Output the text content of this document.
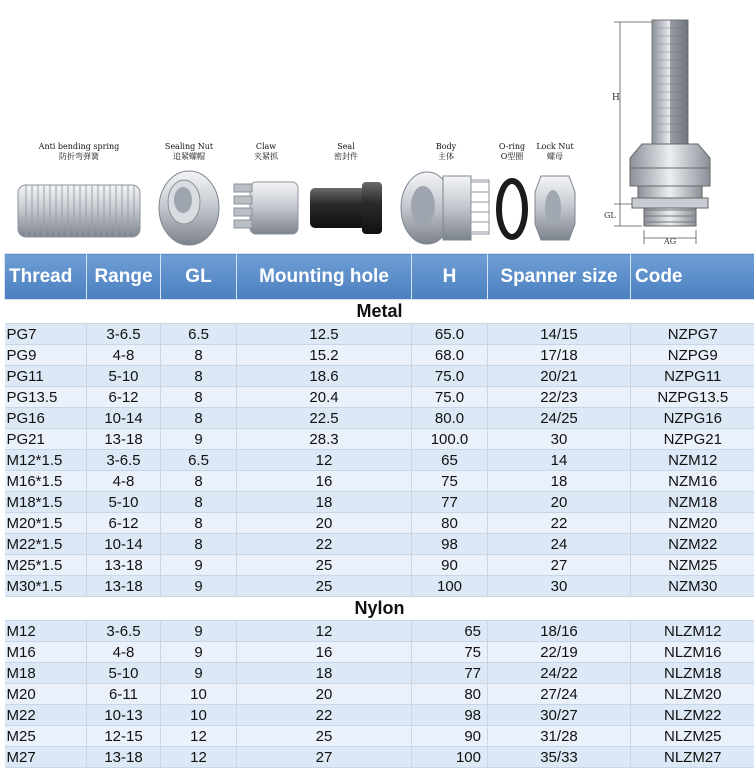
Anti bending spring
防折弯弹簧
Sealing Nut
追紧螺帽
Claw
夹紧抓
Seal
密封件
Body
主体
O-ring
O型圈
Lock Nut
螺母
H
GL
AG
Thread	Range	GL	Mounting hole	H	Spanner size	Code
Metal						
PG7	3-6.5	6.5	12.5	65.0	14/15	NZPG7
PG9	4-8	8	15.2	68.0	17/18	NZPG9
PG11	5-10	8	18.6	75.0	20/21	NZPG11
PG13.5	6-12	8	20.4	75.0	22/23	NZPG13.5
PG16	10-14	8	22.5	80.0	24/25	NZPG16
PG21	13-18	9	28.3	100.0	30	NZPG21
M12*1.5	3-6.5	6.5	12	65	14	NZM12
M16*1.5	4-8	8	16	75	18	NZM16
M18*1.5	5-10	8	18	77	20	NZM18
M20*1.5	6-12	8	20	80	22	NZM20
M22*1.5	10-14	8	22	98	24	NZM22
M25*1.5	13-18	9	25	90	27	NZM25
M30*1.5	13-18	9	25	100	30	NZM30
Nylon						
M12	3-6.5	9	12	65	18/16	NLZM12
M16	4-8	9	16	75	22/19	NLZM16
M18	5-10	9	18	77	24/22	NLZM18
M20	6-11	10	20	80	27/24	NLZM20
M22	10-13	10	22	98	30/27	NLZM22
M25	12-15	12	25	90	31/28	NLZM25
M27	13-18	12	27	100	35/33	NLZM27
